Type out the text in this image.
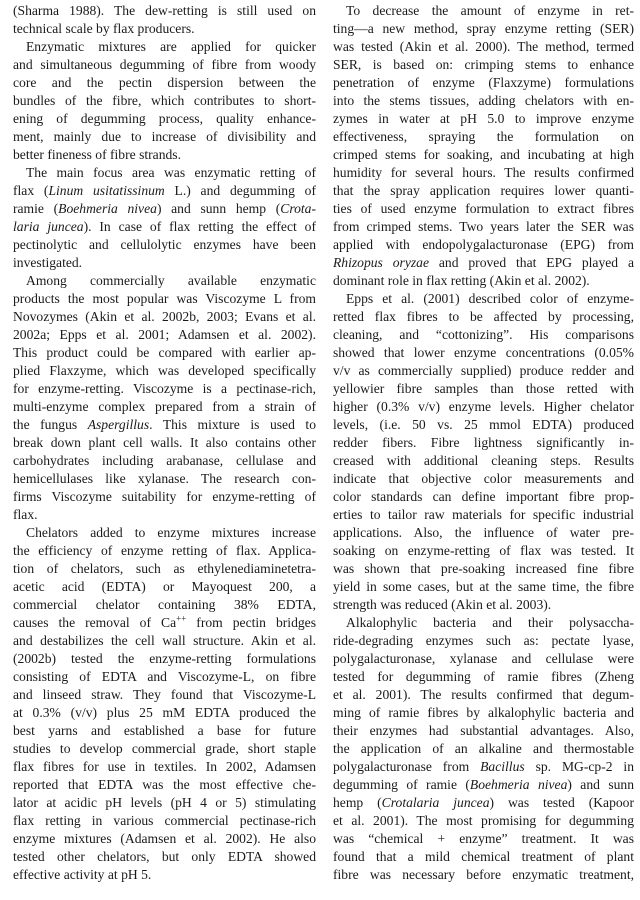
(Sharma 1988). The dew-retting is still used on
technical scale by flax producers.
Enzymatic mixtures are applied for quicker
and simultaneous degumming of fibre from woody
core and the pectin dispersion between the
bundles of the fibre, which contributes to short-
ening of degumming process, quality enhance-
ment, mainly due to increase of divisibility and
better fineness of fibre strands.
The main focus area was enzymatic retting of
flax (Linum usitatissinum L.) and degumming of
ramie (Boehmeria nivea) and sunn hemp (Crota-
laria juncea). In case of flax retting the effect of
pectinolytic and cellulolytic enzymes have been
investigated.
Among commercially available enzymatic
products the most popular was Viscozyme L from
Novozymes (Akin et al. 2002b, 2003; Evans et al.
2002a; Epps et al. 2001; Adamsen et al. 2002).
This product could be compared with earlier ap-
plied Flaxzyme, which was developed specifically
for enzyme-retting. Viscozyme is a pectinase-rich,
multi-enzyme complex prepared from a strain of
the fungus Aspergillus. This mixture is used to
break down plant cell walls. It also contains other
carbohydrates including arabanase, cellulase and
hemicellulases like xylanase. The research con-
firms Viscozyme suitability for enzyme-retting of
flax.
Chelators added to enzyme mixtures increase
the efficiency of enzyme retting of flax. Applica-
tion of chelators, such as ethylenediaminetetra-
acetic acid (EDTA) or Mayoquest 200, a
commercial chelator containing 38% EDTA,
causes the removal of Ca++ from pectin bridges
and destabilizes the cell wall structure. Akin et al.
(2002b) tested the enzyme-retting formulations
consisting of EDTA and Viscozyme-L, on fibre
and linseed straw. They found that Viscozyme-L
at 0.3% (v/v) plus 25 mM EDTA produced the
best yarns and established a base for future
studies to develop commercial grade, short staple
flax fibres for use in textiles. In 2002, Adamsen
reported that EDTA was the most effective che-
lator at acidic pH levels (pH 4 or 5) stimulating
flax retting in various commercial pectinase-rich
enzyme mixtures (Adamsen et al. 2002). He also
tested other chelators, but only EDTA showed
effective activity at pH 5.
To decrease the amount of enzyme in ret-
ting—a new method, spray enzyme retting (SER)
was tested (Akin et al. 2000). The method, termed
SER, is based on: crimping stems to enhance
penetration of enzyme (Flaxzyme) formulations
into the stems tissues, adding chelators with en-
zymes in water at pH 5.0 to improve enzyme
effectiveness, spraying the formulation on
crimped stems for soaking, and incubating at high
humidity for several hours. The results confirmed
that the spray application requires lower quanti-
ties of used enzyme formulation to extract fibres
from crimped stems. Two years later the SER was
applied with endopolygalacturonase (EPG) from
Rhizopus oryzae and proved that EPG played a
dominant role in flax retting (Akin et al. 2002).
Epps et al. (2001) described color of enzyme-
retted flax fibres to be affected by processing,
cleaning, and “cottonizing”. His comparisons
showed that lower enzyme concentrations (0.05%
v/v as commercially supplied) produce redder and
yellowier fibre samples than those retted with
higher (0.3% v/v) enzyme levels. Higher chelator
levels, (i.e. 50 vs. 25 mmol EDTA) produced
redder fibers. Fibre lightness significantly in-
creased with additional cleaning steps. Results
indicate that objective color measurements and
color standards can define important fibre prop-
erties to tailor raw materials for specific industrial
applications. Also, the influence of water pre-
soaking on enzyme-retting of flax was tested. It
was shown that pre-soaking increased fine fibre
yield in some cases, but at the same time, the fibre
strength was reduced (Akin et al. 2003).
Alkalophylic bacteria and their polysaccha-
ride-degrading enzymes such as: pectate lyase,
polygalacturonase, xylanase and cellulase were
tested for degumming of ramie fibres (Zheng
et al. 2001). The results confirmed that degum-
ming of ramie fibres by alkalophylic bacteria and
their enzymes had substantial advantages. Also,
the application of an alkaline and thermostable
polygalacturonase from Bacillus sp. MG-cp-2 in
degumming of ramie (Boehmeria nivea) and sunn
hemp (Crotalaria juncea) was tested (Kapoor
et al. 2001). The most promising for degumming
was “chemical + enzyme” treatment. It was
found that a mild chemical treatment of plant
fibre was necessary before enzymatic treatment,
